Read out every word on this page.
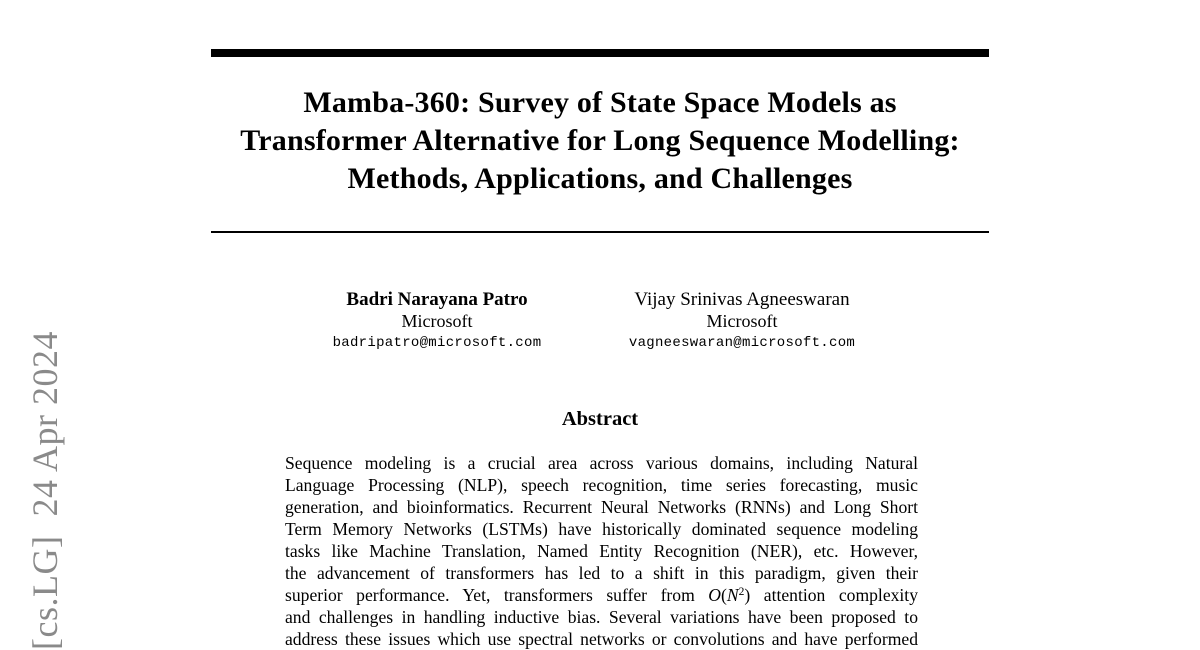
[cs.LG]  24 Apr 2024
Mamba-360: Survey of State Space Models as
Transformer Alternative for Long Sequence Modelling:
Methods, Applications, and Challenges
Badri Narayana Patro
Microsoft
badripatro@microsoft.com
Vijay Srinivas Agneeswaran
Microsoft
vagneeswaran@microsoft.com
Abstract
Sequence modeling is a crucial area across various domains, including Natural
Language Processing (NLP), speech recognition, time series forecasting, music
generation, and bioinformatics. Recurrent Neural Networks (RNNs) and Long Short
Term Memory Networks (LSTMs) have historically dominated sequence modeling
tasks like Machine Translation, Named Entity Recognition (NER), etc. However,
the advancement of transformers has led to a shift in this paradigm, given their
superior performance. Yet, transformers suffer from $O(N^2)$ attention complexity
and challenges in handling inductive bias. Several variations have been proposed to
address these issues which use spectral networks or convolutions and have performed
